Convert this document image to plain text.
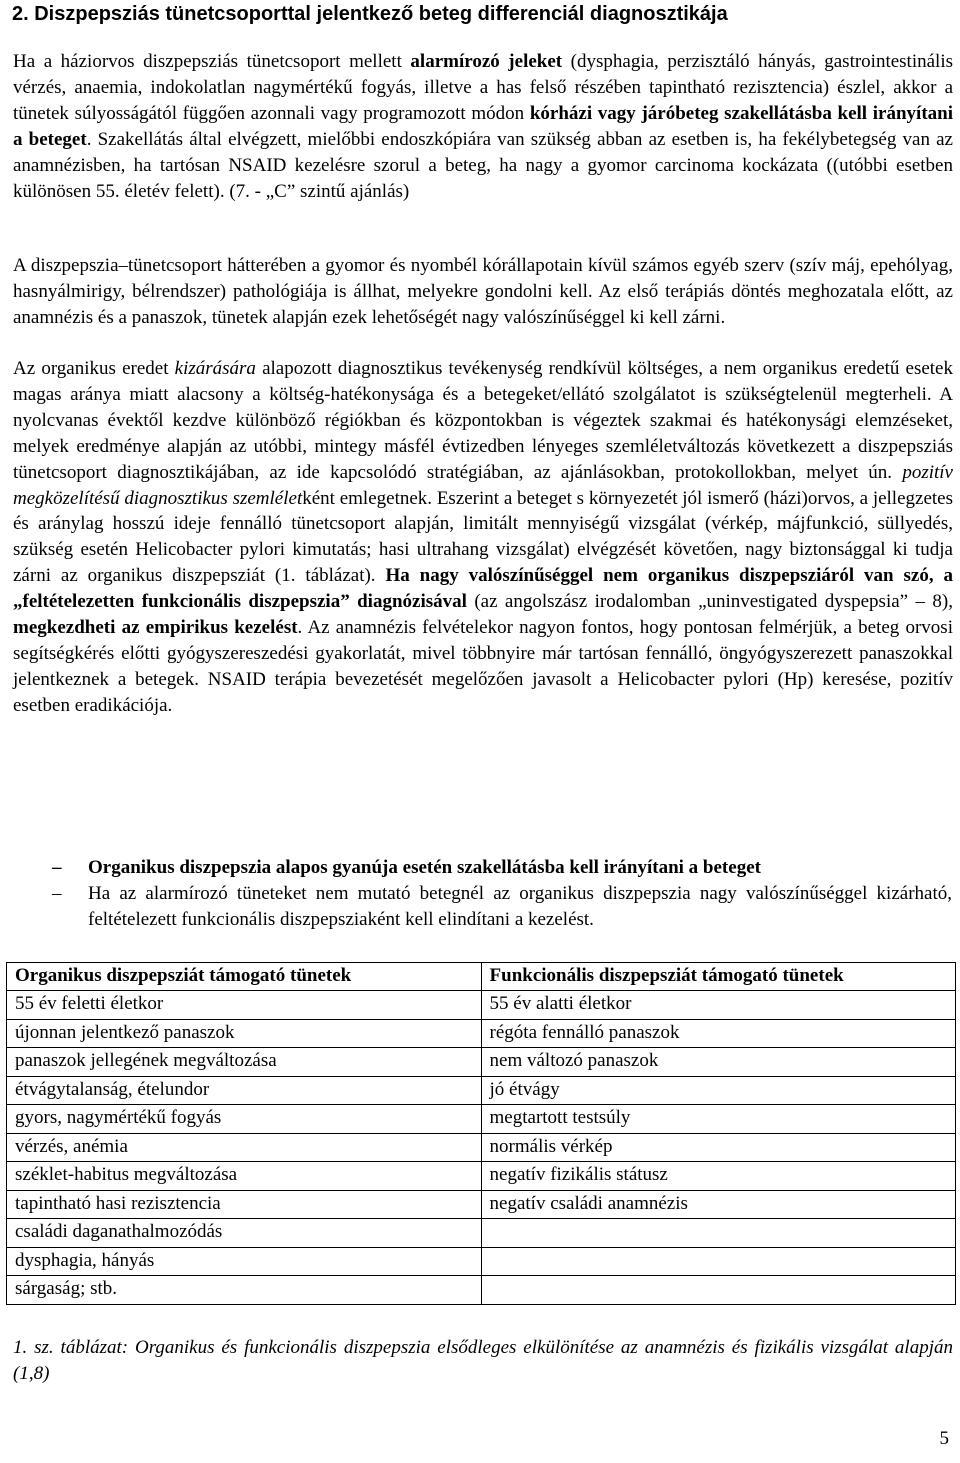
2. Diszpepsziás tünetcsoporttal jelentkező beteg differenciál diagnosztikája

Ha a háziorvos diszpepsziás tünetcsoport mellett alarmírozó jeleket (dysphagia, perzisztáló hányás, gastrointestinális vérzés, anaemia, indokolatlan nagymértékű fogyás, illetve a has felső részében tapintható rezisztencia) észlel, akkor a tünetek súlyosságától függően azonnali vagy programozott módon kórházi vagy járóbeteg szakellátásba kell irányítani a beteget. Szakellátás által elvégzett, mielőbbi endoszkópiára van szükség abban az esetben is, ha fekélybetegség van az anamnézisben, ha tartósan NSAID kezelésre szorul a beteg, ha nagy a gyomor carcinoma kockázata ((utóbbi esetben különösen 55. életév felett). (7. - „C” szintű ajánlás)

A diszpepszia–tünetcsoport hátterében a gyomor és nyombél kórállapotain kívül számos egyéb szerv (szív máj, epehólyag, hasnyálmirigy, bélrendszer) pathológiája is állhat, melyekre gondolni kell. Az első terápiás döntés meghozatala előtt, az anamnézis és a panaszok, tünetek alapján ezek lehetőségét nagy valószínűséggel ki kell zárni.

Az organikus eredet kizárására alapozott diagnosztikus tevékenység rendkívül költséges, a nem organikus eredetű esetek magas aránya miatt alacsony a költség-hatékonysága és a betegeket/ellátó szolgálatot is szükségtelenül megterheli. A nyolcvanas évektől kezdve különböző régiókban és központokban is végeztek szakmai és hatékonysági elemzéseket, melyek eredménye alapján az utóbbi, mintegy másfél évtizedben lényeges szemléletváltozás következett a diszpepsziás tünetcsoport diagnosztikájában, az ide kapcsolódó stratégiában, az ajánlásokban, protokollokban, melyet ún. pozitív megközelítésű diagnosztikus szemléletként emlegetnek. Eszerint a beteget s környezetét jól ismerő (házi)orvos, a jellegzetes és aránylag hosszú ideje fennálló tünetcsoport alapján, limitált mennyiségű vizsgálat (vérkép, májfunkció, süllyedés, szükség esetén Helicobacter pylori kimutatás; hasi ultrahang vizsgálat) elvégzését követően, nagy biztonsággal ki tudja zárni az organikus diszpepsziát (1. táblázat). Ha nagy valószínűséggel nem organikus diszpepsziáról van szó, a „feltételezetten funkcionális diszpepszia” diagnózisával (az angolszász irodalomban „uninvestigated dyspepsia” – 8), megkezdheti az empirikus kezelést. Az anamnézis felvételekor nagyon fontos, hogy pontosan felmérjük, a beteg orvosi segítségkérés előtti gyógyszereszedési gyakorlatát, mivel többnyire már tartósan fennálló, öngyógyszerezett panaszokkal jelentkeznek a betegek. NSAID terápia bevezetését megelőzően javasolt a Helicobacter pylori (Hp) keresése, pozitív esetben eradikációja.

– Organikus diszpepszia alapos gyanúja esetén szakellátásba kell irányítani a beteget
– Ha az alarmírozó tüneteket nem mutató betegnél az organikus diszpepszia nagy valószínűséggel kizárható, feltételezett funkcionális diszpepsziaként kell elindítani a kezelést.
Organikus diszpepsziát támogató tünetek	Funkcionális diszpepsziát támogató tünetek
55 év feletti életkor	55 év alatti életkor
újonnan jelentkező panaszok	régóta fennálló panaszok
panaszok jellegének megváltozása	nem változó panaszok
étvágytalanság, ételundor	jó étvágy
gyors, nagymértékű fogyás	megtartott testsúly
vérzés, anémia	normális vérkép
széklet-habitus megváltozása	negatív fizikális státusz
tapintható hasi rezisztencia	negatív családi anamnézis
családi daganathalmozódás	
dysphagia, hányás	
sárgaság; stb.	
1. sz. táblázat: Organikus és funkcionális diszpepszia elsődleges elkülönítése az anamnézis és fizikális vizsgálat alapján (1,8)
5
